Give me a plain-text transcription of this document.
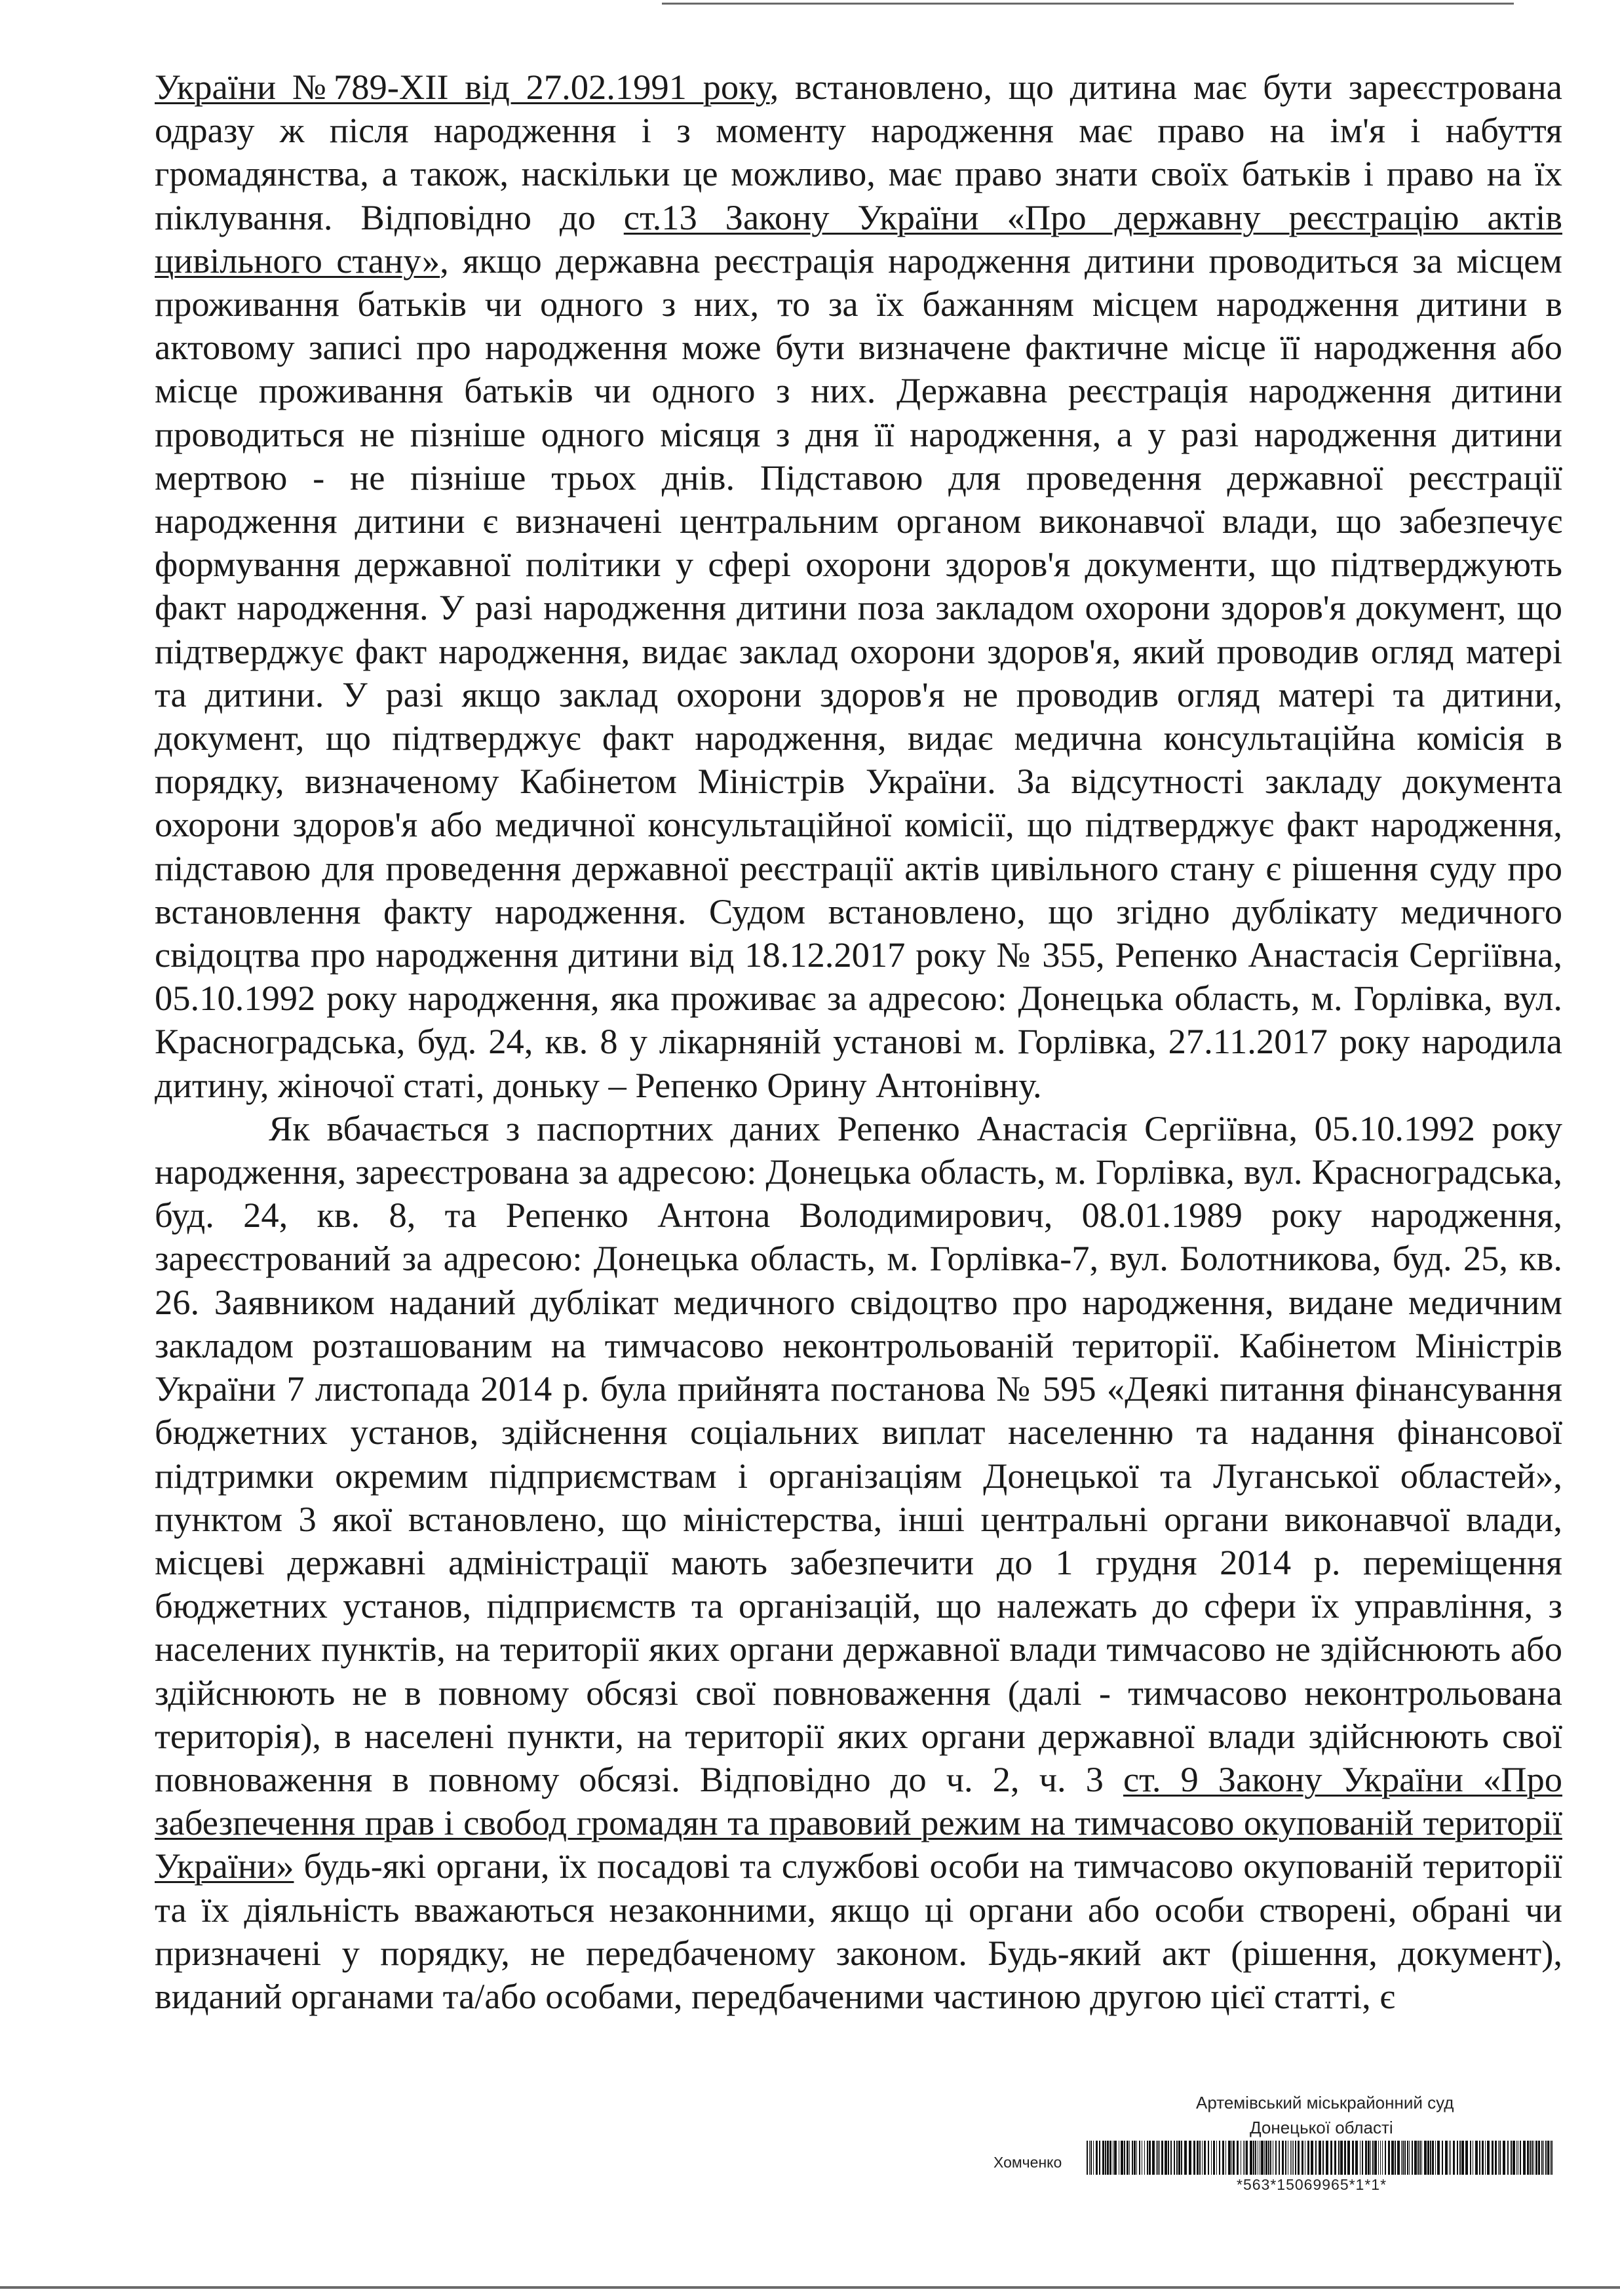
України №789-XII від 27.02.1991 року, встановлено, що дитина має бути зареєстрована одразу ж після народження і з моменту народження має право на ім'я і набуття громадянства, а також, наскільки це можливо, має право знати своїх батьків і право на їх піклування. Відповідно до ст.13 Закону України «Про державну реєстрацію актів цивільного стану», якщо державна реєстрація народження дитини проводиться за місцем проживання батьків чи одного з них, то за їх бажанням місцем народження дитини в актовому записі про народження може бути визначене фактичне місце її народження або місце проживання батьків чи одного з них. Державна реєстрація народження дитини проводиться не пізніше одного місяця з дня її народження, а у разі народження дитини мертвою - не пізніше трьох днів. Підставою для проведення державної реєстрації народження дитини є визначені центральним органом виконавчої влади, що забезпечує формування державної політики у сфері охорони здоров'я документи, що підтверджують факт народження. У разі народження дитини поза закладом охорони здоров'я документ, що підтверджує факт народження, видає заклад охорони здоров'я, який проводив огляд матері та дитини. У разі якщо заклад охорони здоров'я не проводив огляд матері та дитини, документ, що підтверджує факт народження, видає медична консультаційна комісія в порядку, визначеному Кабінетом Міністрів України. За відсутності закладу документа охорони здоров'я або медичної консультаційної комісії, що підтверджує факт народження, підставою для проведення державної реєстрації актів цивільного стану є рішення суду про встановлення факту народження. Судом встановлено, що згідно дублікату медичного свідоцтва про народження дитини від 18.12.2017 року № 355, Репенко Анастасія Сергіївна, 05.10.1992 року народження, яка проживає за адресою: Донецька область, м. Горлівка, вул. Красноградська, буд. 24, кв. 8 у лікарняній установі м. Горлівка, 27.11.2017 року народила дитину, жіночої статі, доньку – Репенко Орину Антонівну.

Як вбачається з паспортних даних Репенко Анастасія Сергіївна, 05.10.1992 року народження, зареєстрована за адресою: Донецька область, м. Горлівка, вул. Красноградська, буд. 24, кв. 8, та Репенко Антона Володимирович, 08.01.1989 року народження, зареєстрований за адресою: Донецька область, м. Горлівка-7, вул. Болотникова, буд. 25, кв. 26. Заявником наданий дублікат медичного свідоцтво про народження, видане медичним закладом розташованим на тимчасово неконтрольованій території. Кабінетом Міністрів України 7 листопада 2014 р. була прийнята постанова № 595 «Деякі питання фінансування бюджетних установ, здійснення соціальних виплат населенню та надання фінансової підтримки окремим підприємствам і організаціям Донецької та Луганської областей», пунктом 3 якої встановлено, що міністерства, інші центральні органи виконавчої влади, місцеві державні адміністрації мають забезпечити до 1 грудня 2014 р. переміщення бюджетних установ, підприємств та організацій, що належать до сфери їх управління, з населених пунктів, на території яких органи державної влади тимчасово не здійснюють або здійснюють не в повному обсязі свої повноваження (далі - тимчасово неконтрольована територія), в населені пункти, на території яких органи державної влади здійснюють свої повноваження в повному обсязі. Відповідно до ч. 2, ч. 3 ст. 9 Закону України «Про забезпечення прав і свобод громадян та правовий режим на тимчасово окупованій території України» будь-які органи, їх посадові та службові особи на тимчасово окупованій території та їх діяльність вважаються незаконними, якщо ці органи або особи створені, обрані чи призначені у порядку, не передбаченому законом. Будь-який акт (рішення, документ), виданий органами та/або особами, передбаченими частиною другою цієї статті, є

Артемівський міськрайонний суд
Донецької області
Хомченко
*563*15069965*1*1*
